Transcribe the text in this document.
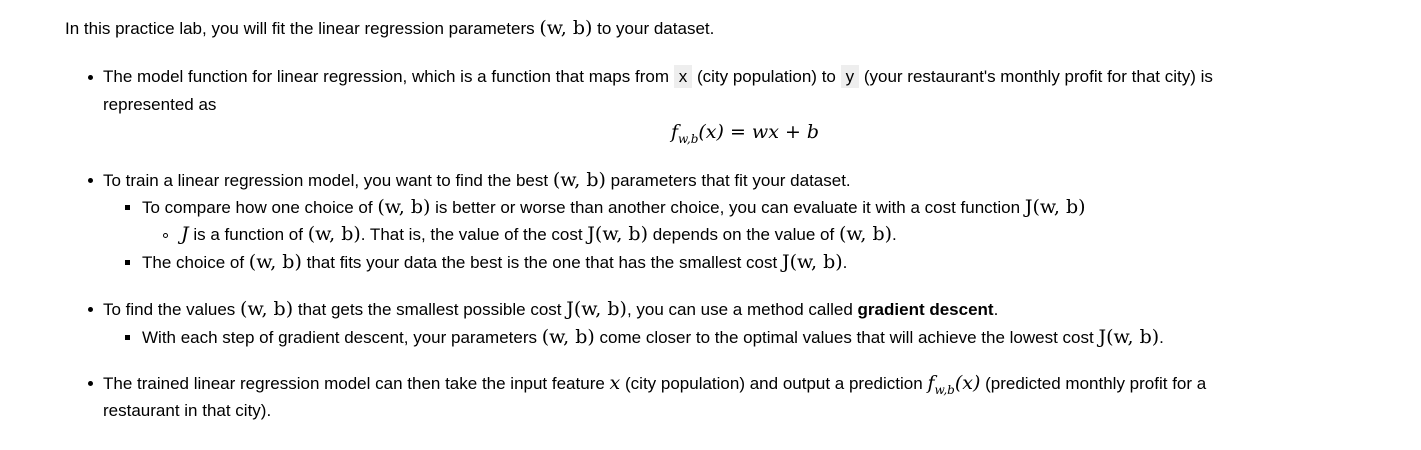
In this practice lab, you will fit the linear regression parameters (w, b) to your dataset.
The model function for linear regression, which is a function that maps from x (city population) to y (your restaurant's monthly profit for that city) is
represented as
$f_{w,b}(x)$ = wx + b
To train a linear regression model, you want to find the best (w, b) parameters that fit your dataset.
To compare how one choice of (w, b) is better or worse than another choice, you can evaluate it with a cost function J(w, b)
J is a function of (w, b). That is, the value of the cost J(w, b) depends on the value of (w, b).
The choice of (w, b) that fits your data the best is the one that has the smallest cost J(w, b).
To find the values (w, b) that gets the smallest possible cost J(w, b), you can use a method called gradient descent.
With each step of gradient descent, your parameters (w, b) come closer to the optimal values that will achieve the lowest cost J(w, b).
The trained linear regression model can then take the input feature x (city population) and output a prediction $f_{w,b}(x)$ (predicted monthly profit for a
restaurant in that city).
